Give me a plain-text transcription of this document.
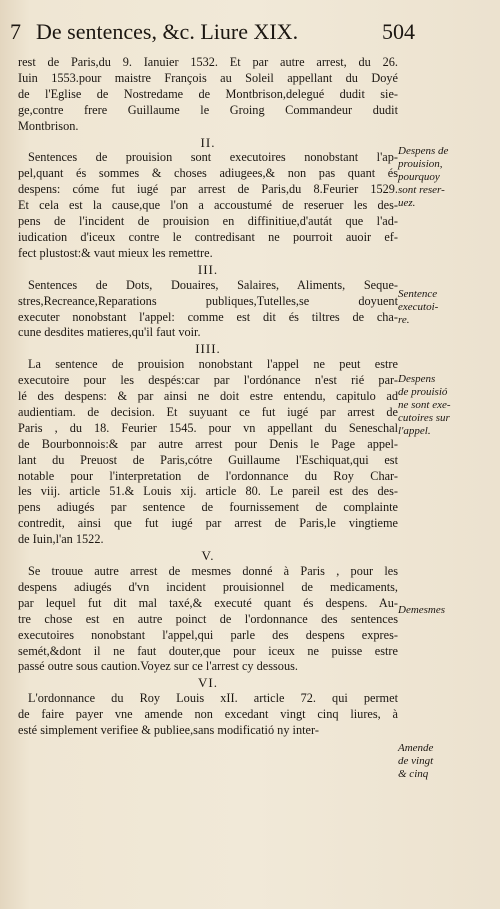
7 De sentences, &c. Liure XIX.	504
rest de Paris,du 9. Ianuier 1532. Et par autre arrest, du 26.
Iuin 1553.pour maistre François au Soleil appellant du Doyé
de l'Eglise de Nostredame de Montbrison,delegué dudit sie-
ge,contre frere Guillaume le Groing Commandeur dudit
Montbrison.
II.
Sentences de prouision sont executoires nonobstant l'ap-
pel,quant és sommes & choses adiugees,& non pas quant és
despens: cóme fut iugé par arrest de Paris,du 8.Feurier 1529.
Et cela est la cause,que l'on a accoustumé de reseruer les des-
pens de l'incident de prouision en diffinitiue,d'autát que l'ad-
iudication d'iceux contre le contredisant ne pourroit auoir ef-
fect plustost:& vaut mieux les remettre.
III.
Sentences de Dots, Douaires, Salaires, Aliments, Seque-
stres,Recreance,Reparations publiques,Tutelles,se doyuent
executer nonobstant l'appel: comme est dit és tiltres de cha-
cune desdites matieres,qu'il faut voir.
IIII.
La sentence de prouision nonobstant l'appel ne peut estre
executoire pour les despés:car par l'ordónance n'est rié par-
lé des despens: & par ainsi ne doit estre entendu, capitulo ad
audientiam. de decision. Et suyuant ce fut iugé par arrest de
Paris , du 18. Feurier 1545. pour vn appellant du Seneschal
de Bourbonnois:& par autre arrest pour Denis le Page appel-
lant du Preuost de Paris,cótre Guillaume l'Eschiquat,qui est
notable pour l'interpretation de l'ordonnance du Roy Char-
les viij. article 51.& Louis xij. article 80. Le pareil est des des-
pens adiugés par sentence de fournissement de complainte
contredit, ainsi que fut iugé par arrest de Paris,le vingtieme
de Iuin,l'an 1522.
V.
Se trouue autre arrest de mesmes donné à Paris , pour les
despens adiugés d'vn incident prouisionnel de medicaments,
par lequel fut dit mal taxé,& executé quant és despens. Au-
tre chose est en autre poinct de l'ordonnance des sentences
executoires nonobstant l'appel,qui parle des despens expres-
semét,&dont il ne faut douter,que pour iceux ne puisse estre
passé outre sous caution.Voyez sur ce l'arrest cy dessous.
VI.
L'ordonnance du Roy Louis xII. article 72. qui permet
de faire payer vne amende non excedant vingt cinq liures, à
esté simplement verifiee & publiee,sans modificatió ny inter-
Despens de
prouision,
pourquoy
sont reser-
uez.
Sentence
executoi-
re.
Despens
de prouisió
ne sont exe-
cutoires sur
l'appel.
Demesmes
Amende
de vingt
& cinq
